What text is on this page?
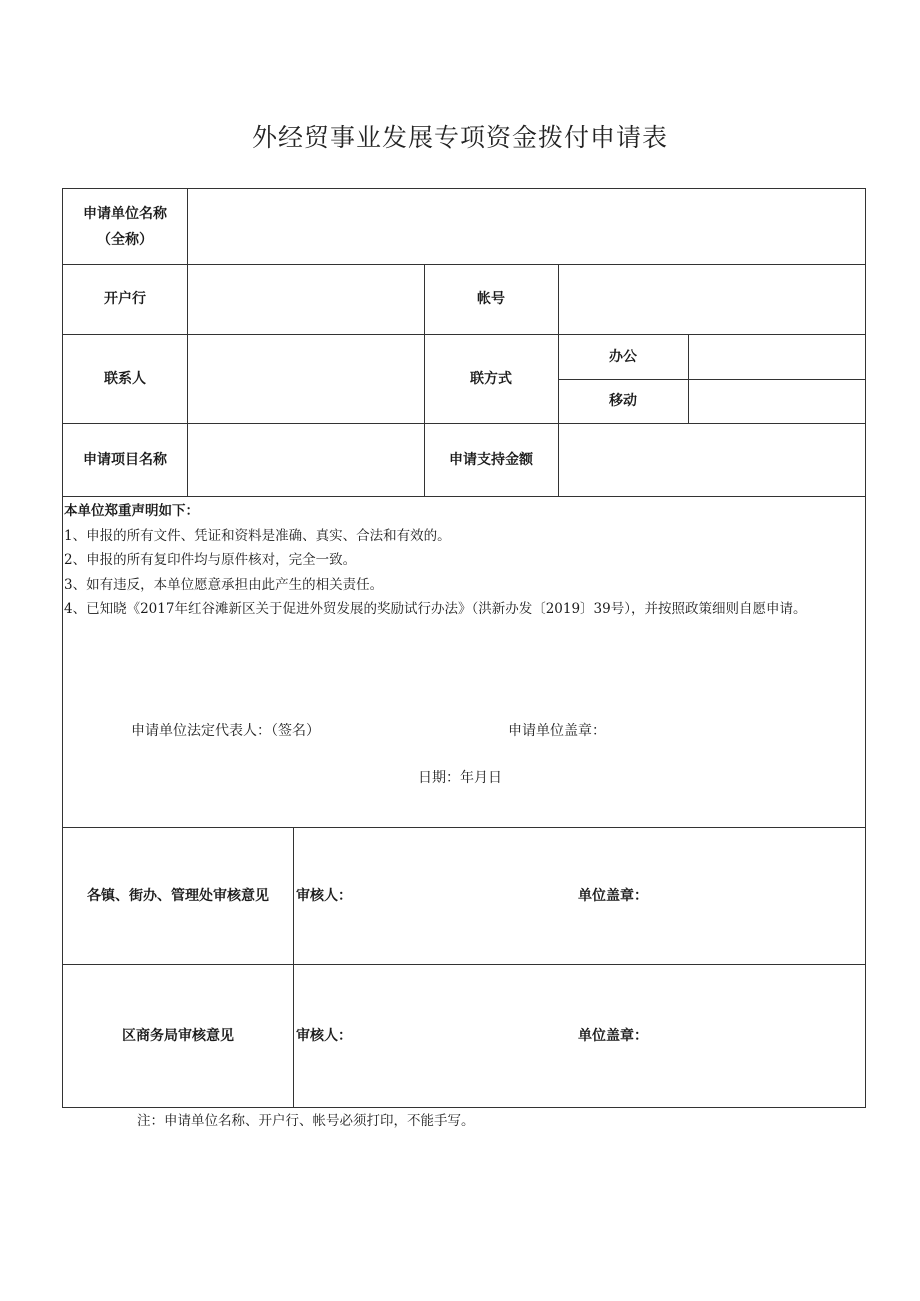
外经贸事业发展专项资金拨付申请表
申请单位名称
（全称）
开户行	帐号
联系人	联方式
办公
移动
申请项目名称	申请支持金额
本单位郑重声明如下：
1、申报的所有文件、凭证和资料是准确、真实、合法和有效的。
2、申报的所有复印件均与原件核对，完全一致。
3、如有违反，本单位愿意承担由此产生的相关责任。
4、已知晓《2017年红谷滩新区关于促进外贸发展的奖励试行办法》（洪新办发〔2019〕39号），并按照政策细则自愿申请。
申请单位法定代表人：（签名）	申请单位盖章：
日期：年月日
各镇、街办、管理处审核意见	审核人：	单位盖章：
区商务局审核意见	审核人：	单位盖章：
注：申请单位名称、开户行、帐号必须打印，不能手写。
